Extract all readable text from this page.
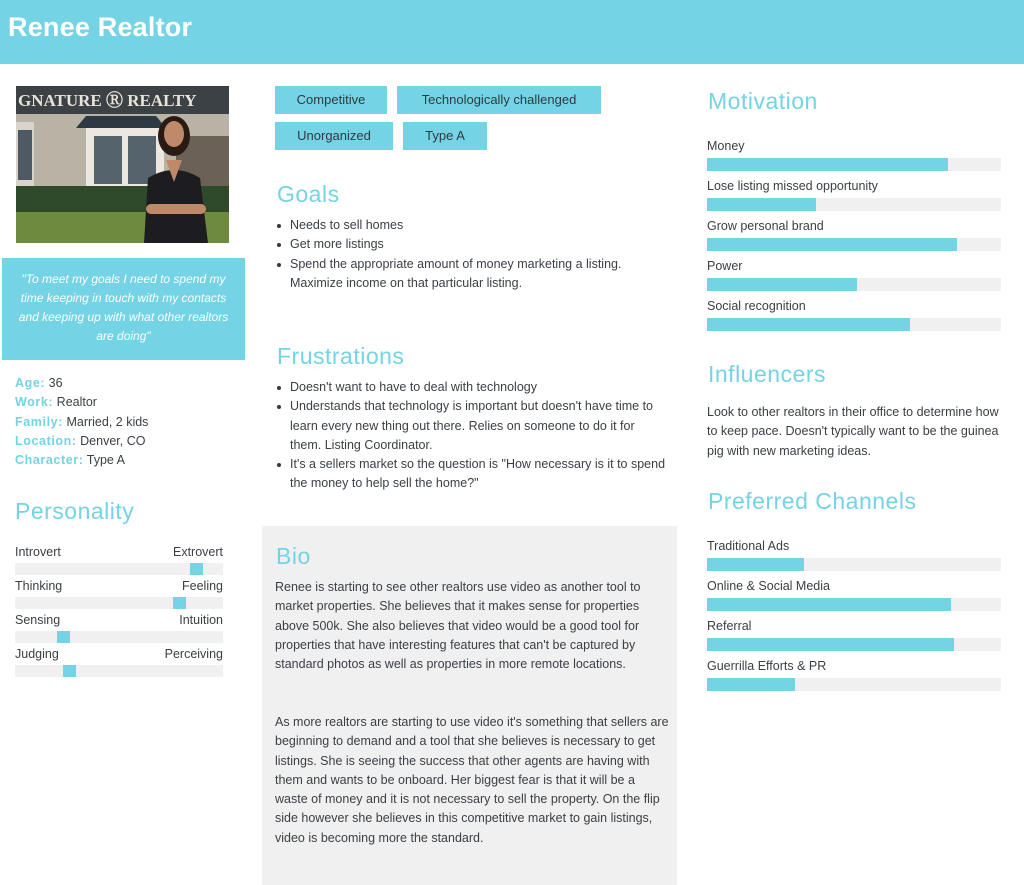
Renee Realtor
GNATURE Ⓡ REALTY
"To meet my goals I need to spend my time keeping in touch with my contacts and keeping up with what other realtors are doing"
Age: 36
Work: Realtor
Family: Married, 2 kids
Location: Denver, CO
Character: Type A
Personality
Introvert	Extrovert
Thinking	Feeling
Sensing	Intuition
Judging	Perceiving
Competitive	Technologically challenged
Unorganized	Type A
Goals
Needs to sell homes
Get more listings
Spend the appropriate amount of money marketing a listing. Maximize income on that particular listing.
Frustrations
Doesn't want to have to deal with technology
Understands that technology is important but doesn't have time to learn every new thing out there. Relies on someone to do it for them. Listing Coordinator.
It's a sellers market so the question is "How necessary is it to spend the money to help sell the home?"
Bio

Renee is starting to see other realtors use video as another tool to market properties. She believes that it makes sense for properties above 500k. She also believes that video would be a good tool for properties that have interesting features that can't be captured by standard photos as well as properties in more remote locations.

As more realtors are starting to use video it's something that sellers are beginning to demand and a tool that she believes is necessary to get listings. She is seeing the success that other agents are having with them and wants to be onboard. Her biggest fear is that it will be a waste of money and it is not necessary to sell the property. On the flip side however she believes in this competitive market to gain listings, video is becoming more the standard.

Motivation
Money
Lose listing missed opportunity
Grow personal brand
Power
Social recognition
Influencers
Look to other realtors in their office to determine how to keep pace. Doesn't typically want to be the guinea pig with new marketing ideas.
Preferred Channels
Traditional Ads
Online & Social Media
Referral
Guerrilla Efforts & PR
